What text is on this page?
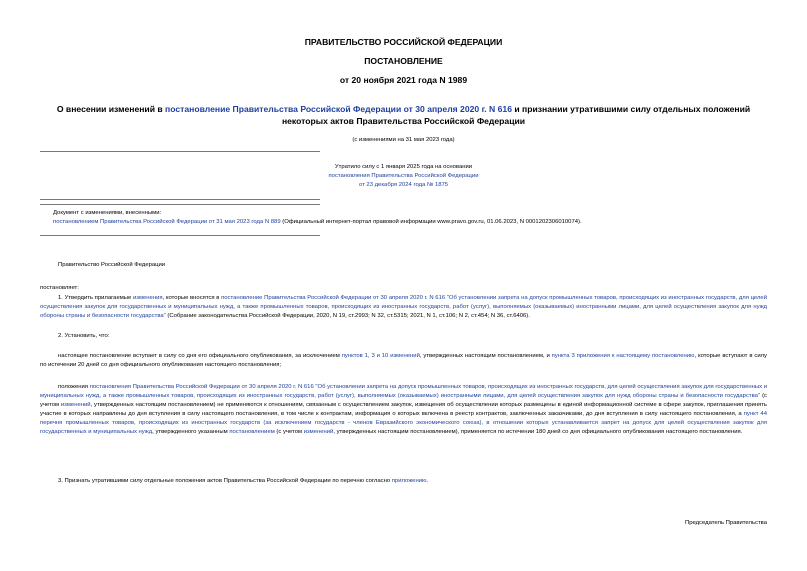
ПРАВИТЕЛЬСТВО РОССИЙСКОЙ ФЕДЕРАЦИИ
ПОСТАНОВЛЕНИЕ
от 20 ноября 2021 года N 1989
О внесении изменений в постановление Правительства Российской Федерации от 30 апреля 2020 г. N 616 и признании утратившими силу отдельных положений некоторых актов Правительства Российской Федерации
(с изменениями на 31 мая 2023 года)
Утратило силу с 1 января 2025 года на основании
постановления Правительства Российской Федерации
от 23 декабря 2024 года № 1875
Документ с изменениями, внесенными:
постановлением Правительства Российской Федерации от 31 мая 2023 года N 889 (Официальный интернет-портал правовой информации www.pravo.gov.ru, 01.06.2023, N 0001202306010074).
Правительство Российской Федерации
постановляет:
1. Утвердить прилагаемые изменения, которые вносятся в постановление Правительства Российской Федерации от 30 апреля 2020 г. N 616 "Об установлении запрета на допуск промышленных товаров, происходящих из иностранных государств, для целей осуществления закупок для государственных и муниципальных нужд, а также промышленных товаров, происходящих из иностранных государств, работ (услуг), выполняемых (оказываемых) иностранными лицами, для целей осуществления закупок для нужд обороны страны и безопасности государства" (Собрание законодательства Российской Федерации, 2020, N 19, ст.2993; N 32, ст.5315; 2021, N 1, ст.106; N 2, ст.454; N 36, ст.6406).
2. Установить, что:
настоящее постановление вступает в силу со дня его официального опубликования, за исключением пунктов 1, 3 и 10 изменений, утвержденных настоящим постановлением, и пункта 3 приложения к настоящему постановлению, которые вступают в силу по истечении 20 дней со дня официального опубликования настоящего постановления;
положения постановления Правительства Российской Федерации от 30 апреля 2020 г. N 616 "Об установлении запрета на допуск промышленных товаров, происходящих из иностранных государств, для целей осуществления закупок для государственных и муниципальных нужд, а также промышленных товаров, происходящих из иностранных государств, работ (услуг), выполняемых (оказываемых) иностранными лицами, для целей осуществления закупок для нужд обороны страны и безопасности государства" (с учетом изменений, утвержденных настоящим постановлением) не применяются к отношениям, связанным с осуществлением закупок, извещения об осуществлении которых размещены в единой информационной системе в сфере закупок, приглашения принять участие в которых направлены до дня вступления в силу настоящего постановления, в том числе к контрактам, информация о которых включена в реестр контрактов, заключенных заказчиками, до дня вступления в силу настоящего постановления, а пункт 44 перечня промышленных товаров, происходящих из иностранных государств (за исключением государств - членов Евразийского экономического союза), в отношении которых устанавливается запрет на допуск для целей осуществления закупок для государственных и муниципальных нужд, утвержденного указанным постановлением (с учетом изменений, утвержденных настоящим постановлением), применяется по истечении 180 дней со дня официального опубликования настоящего постановления.
3. Признать утратившими силу отдельные положения актов Правительства Российской Федерации по перечню согласно приложению.
Председатель Правительства
